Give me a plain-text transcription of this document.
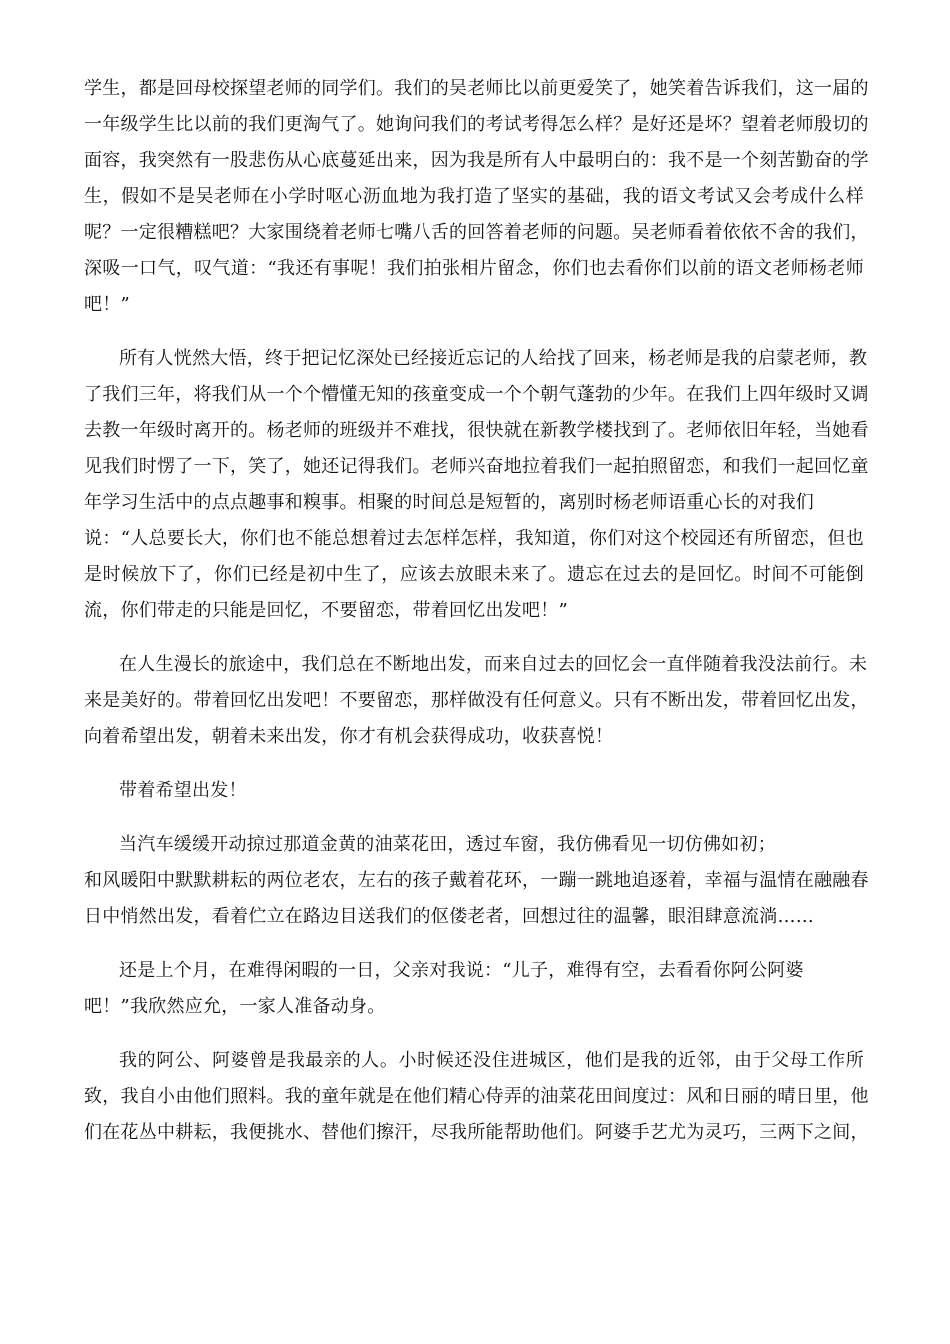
学生，都是回母校探望老师的同学们。我们的吴老师比以前更爱笑了，她笑着告诉我们，这一届的
一年级学生比以前的我们更淘气了。她询问我们的考试考得怎么样？是好还是坏？望着老师殷切的
面容，我突然有一股悲伤从心底蔓延出来，因为我是所有人中最明白的：我不是一个刻苦勤奋的学
生，假如不是吴老师在小学时呕心沥血地为我打造了坚实的基础，我的语文考试又会考成什么样
呢？一定很糟糕吧？大家围绕着老师七嘴八舌的回答着老师的问题。吴老师看着依依不舍的我们，
深吸一口气，叹气道：“我还有事呢！我们拍张相片留念，你们也去看你们以前的语文老师杨老师
吧！”
所有人恍然大悟，终于把记忆深处已经接近忘记的人给找了回来，杨老师是我的启蒙老师，教
了我们三年，将我们从一个个懵懂无知的孩童变成一个个朝气蓬勃的少年。在我们上四年级时又调
去教一年级时离开的。杨老师的班级并不难找，很快就在新教学楼找到了。老师依旧年轻，当她看
见我们时愣了一下，笑了，她还记得我们。老师兴奋地拉着我们一起拍照留恋，和我们一起回忆童
年学习生活中的点点趣事和糗事。相聚的时间总是短暂的，离别时杨老师语重心长的对我们
说：“人总要长大，你们也不能总想着过去怎样怎样，我知道，你们对这个校园还有所留恋，但也
是时候放下了，你们已经是初中生了，应该去放眼未来了。遗忘在过去的是回忆。时间不可能倒
流，你们带走的只能是回忆，不要留恋，带着回忆出发吧！”
在人生漫长的旅途中，我们总在不断地出发，而来自过去的回忆会一直伴随着我没法前行。未
来是美好的。带着回忆出发吧！不要留恋，那样做没有任何意义。只有不断出发，带着回忆出发，
向着希望出发，朝着未来出发，你才有机会获得成功，收获喜悦！
带着希望出发！
当汽车缓缓开动掠过那道金黄的油菜花田，透过车窗，我仿佛看见一切仿佛如初；
和风暖阳中默默耕耘的两位老农，左右的孩子戴着花环，一蹦一跳地追逐着，幸福与温情在融融春
日中悄然出发，看着伫立在路边目送我们的伛偻老者，回想过往的温馨，眼泪肆意流淌……
还是上个月，在难得闲暇的一日，父亲对我说：“儿子，难得有空，去看看你阿公阿婆
吧！”我欣然应允，一家人准备动身。
我的阿公、阿婆曾是我最亲的人。小时候还没住进城区，他们是我的近邻，由于父母工作所
致，我自小由他们照料。我的童年就是在他们精心侍弄的油菜花田间度过：风和日丽的晴日里，他
们在花丛中耕耘，我便挑水、替他们擦汗，尽我所能帮助他们。阿婆手艺尤为灵巧，三两下之间，
